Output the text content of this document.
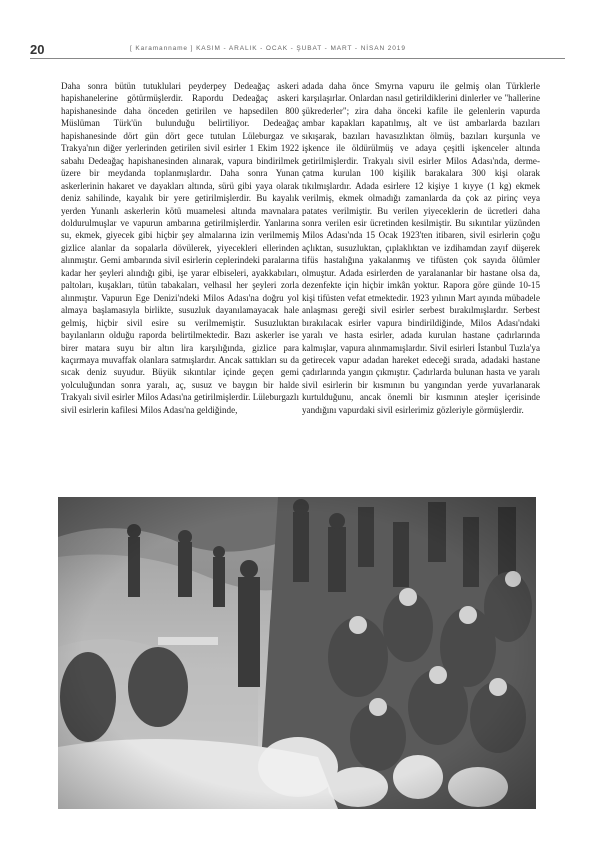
20	[ Karamanname ] KASIM - ARALIK - OCAK - ŞUBAT - MART - NİSAN 2019

Daha sonra bütün tutuklulari peyderpey Dedeağaç askeri hapishanelerine götürmüşlerdir. Rapordu Dedeağaç askeri hapishanesinde daha önceden getirilen ve hapsedilen 800 Müslüman Türk'ün bulunduğu belirtiliyor. Dedeağaç hapishanesinde dört gün dört gece tutulan Lüleburgaz ve Trakya'nın diğer yerlerinden getirilen sivil esirler 1 Ekim 1922 sabahı Dedeağaç hapishanesinden alınarak, vapura bindirilmek üzere bir meydanda toplanmışlardır. Daha sonra Yunan askerlerinin hakaret ve dayakları altında, sürü gibi yaya olarak deniz sahilinde, kayalık bir yere getirilmişlerdir. Bu kayalık yerden Yunanlı askerlerin kötü muamelesi altında mavnalara doldurulmuşlar ve vapurun ambarına getirilmişlerdir. Yanlarına su, ekmek, giyecek gibi hiçbir şey almalarına izin verilmemiş gizlice alanlar da sopalarla dövülerek, yiyecekleri ellerinden alınmıştır. Gemi ambarında sivil esirlerin ceplerindeki paralarına kadar her şeyleri alındığı gibi, işe yarar elbiseleri, ayakkabıları, paltoları, kuşakları, tütün tabakaları, velhasıl her şeyleri zorla alınmıştır. Vapurun Ege Denizi'ndeki Milos Adası'na doğru yol almaya başlamasıyla birlikte, susuzluk dayanılamayacak hale gelmiş, hiçbir sivil esire su verilmemiştir. Susuzluktan bayılanların olduğu raporda belirtilmektedir. Bazı askerler ise birer matara suyu bir altın lira karşılığında, gizlice para kaçırmaya muvaffak olanlara satmışlardır. Ancak sattıkları su da sıcak deniz suyudur. Büyük sıkıntılar içinde geçen gemi yolculuğundan sonra yaralı, aç, susuz ve baygın bir halde Trakyalı sivil esirler Milos Adası'na getirilmişlerdir. Lüleburgazlı sivil esirlerin kafilesi Milos Adası'na geldiğinde,

adada daha önce Smyrna vapuru ile gelmiş olan Türklerle karşılaşırlar. Onlardan nasıl getirildiklerini dinlerler ve "hallerine şükrederler"; zira daha önceki kafile ile gelenlerin vapurda ambar kapakları kapatılmış, alt ve üst ambarlarda bazıları sıkışarak, bazıları havasızlıktan ölmüş, bazıları kurşunla ve işkence ile öldürülmüş ve adaya çeşitli işkenceler altında getirilmişlerdir. Trakyalı sivil esirler Milos Adası'nda, derme-çatma kurulan 100 kişilik barakalara 300 kişi olarak tıkılmışlardır. Adada esirlere 12 kişiye 1 kıyye (1 kg) ekmek verilmiş, ekmek olmadığı zamanlarda da çok az pirinç veya patates verilmiştir. Bu verilen yiyeceklerin de ücretleri daha sonra verilen esir ücretinden kesilmiştir. Bu sıkıntılar yüzünden Milos Adası'nda 15 Ocak 1923'ten itibaren, sivil esirlerin çoğu açlıktan, susuzluktan, çıplaklıktan ve izdihamdan zayıf düşerek tifüs hastalığına yakalanmış ve tifüsten çok sayıda ölümler olmuştur. Adada esirlerden de yaralananlar bir hastane olsa da, dezenfekte için hiçbir imkân yoktur. Rapora göre günde 10-15 kişi tifüsten vefat etmektedir. 1923 yılının Mart ayında mübadele anlaşması gereği sivil esirler serbest bırakılmışlardır. Serbest bırakılacak esirler vapura bindirildiğinde, Milos Adası'ndaki yaralı ve hasta esirler, adada kurulan hastane çadırlarında kalmışlar, vapura alınmamışlardır. Sivil esirleri İstanbul Tuzla'ya getirecek vapur adadan hareket edeceği sırada, adadaki hastane çadırlarında yangın çıkmıştır. Çadırlarda bulunan hasta ve yaralı sivil esirlerin bir kısmının bu yangından yerde yuvarlanarak kurtulduğunu, ancak önemli bir kısmının ateşler içerisinde yandığını vapurdaki sivil esirlerimiz gözleriyle görmüşlerdir.
